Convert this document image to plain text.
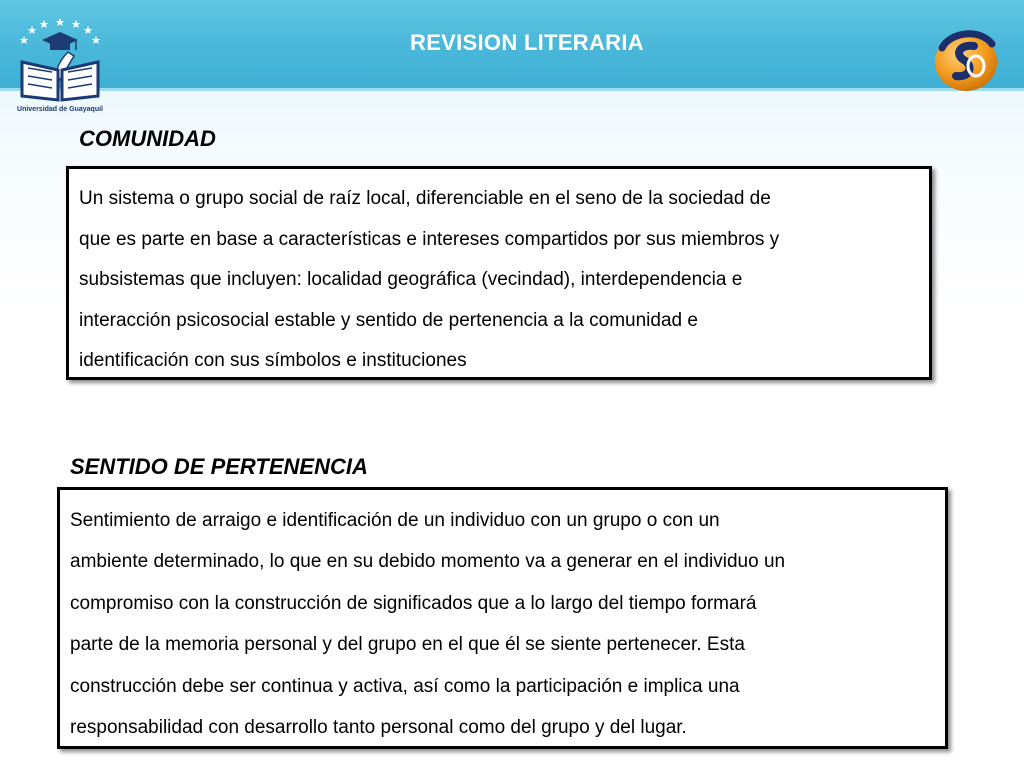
REVISION LITERARIA
Universidad de Guayaquil
COMUNIDAD
Un sistema o grupo social de raíz local, diferenciable en el seno de la sociedad de
que es parte en base a características e intereses compartidos por sus miembros y
subsistemas que incluyen: localidad geográfica (vecindad), interdependencia e
interacción psicosocial estable y sentido de pertenencia a la comunidad e
identificación con sus símbolos e instituciones
SENTIDO DE PERTENENCIA
Sentimiento de arraigo e identificación de un individuo con un grupo o con un
ambiente determinado, lo que en su debido momento va a generar en el individuo un
compromiso con la construcción de significados que a lo largo del tiempo formará
parte de la memoria personal y del grupo en el que él se siente pertenecer. Esta
construcción debe ser continua y activa, así como la participación e implica una
responsabilidad con desarrollo tanto personal como del grupo y del lugar.
